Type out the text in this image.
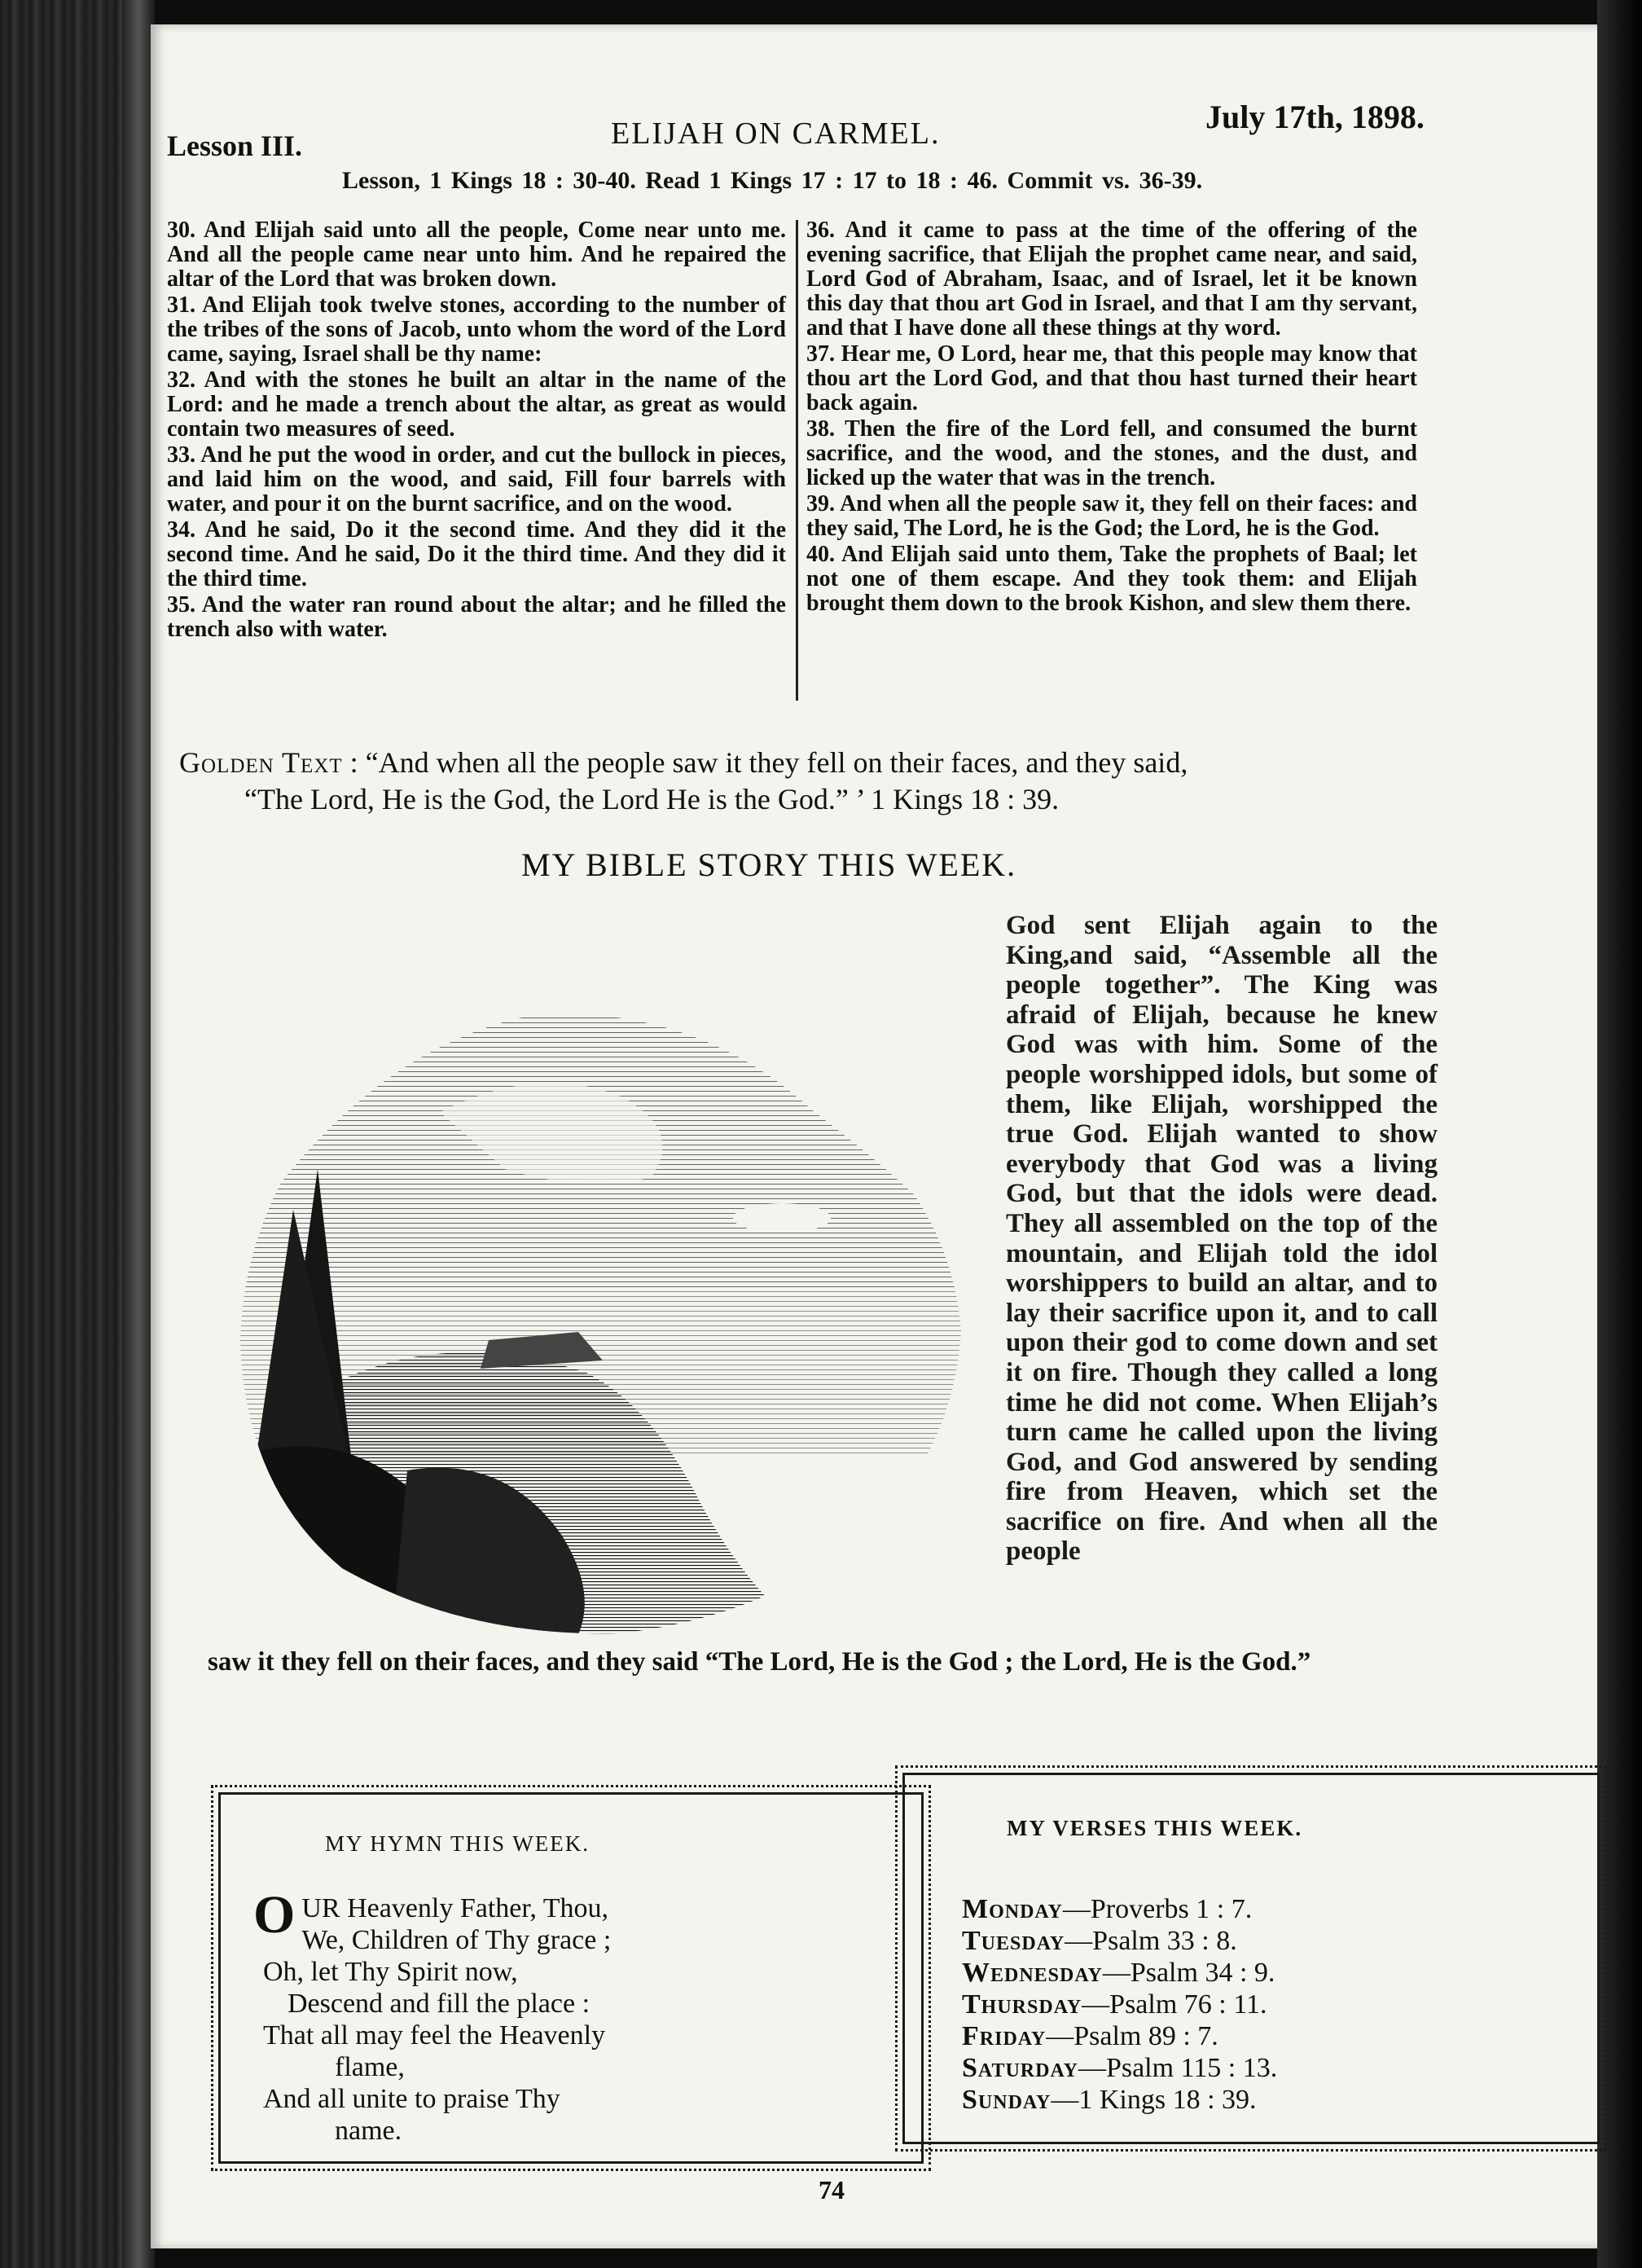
Lesson III.	ELIJAH ON CARMEL.	July 17th, 1898.
Lesson, 1 Kings 18 : 30-40. Read 1 Kings 17 : 17 to 18 : 46. Commit vs. 36-39.

30. And Elijah said unto all the people, Come near unto me. And all the people came near unto him. And he repaired the altar of the Lord that was broken down.

31. And Elijah took twelve stones, according to the number of the tribes of the sons of Jacob, unto whom the word of the Lord came, saying, Israel shall be thy name:

32. And with the stones he built an altar in the name of the Lord: and he made a trench about the altar, as great as would contain two measures of seed.

33. And he put the wood in order, and cut the bullock in pieces, and laid him on the wood, and said, Fill four barrels with water, and pour it on the burnt sacrifice, and on the wood.

34. And he said, Do it the second time. And they did it the second time. And he said, Do it the third time. And they did it the third time.

35. And the water ran round about the altar; and he filled the trench also with water.

36. And it came to pass at the time of the offering of the evening sacrifice, that Elijah the prophet came near, and said, Lord God of Abraham, Isaac, and of Israel, let it be known this day that thou art God in Israel, and that I am thy servant, and that I have done all these things at thy word.

37. Hear me, O Lord, hear me, that this people may know that thou art the Lord God, and that thou hast turned their heart back again.

38. Then the fire of the Lord fell, and consumed the burnt sacrifice, and the wood, and the stones, and the dust, and licked up the water that was in the trench.

39. And when all the people saw it, they fell on their faces: and they said, The Lord, he is the God; the Lord, he is the God.

40. And Elijah said unto them, Take the prophets of Baal; let not one of them escape. And they took them: and Elijah brought them down to the brook Kishon, and slew them there.

Golden Text : “And when all the people saw it they fell on their faces, and they said,
“The Lord, He is the God, the Lord He is the God.” ’ 1 Kings 18 : 39.
MY BIBLE STORY THIS WEEK.
God sent Elijah again to the King,and said, “Assemble all the people together”. The King was afraid of Elijah, because he knew God was with him. Some of the people worshipped idols, but some of them, like Elijah, worshipped the true God. Elijah wanted to show everybody that God was a living God, but that the idols were dead. They all assembled on the top of the mountain, and Elijah told the idol worshippers to build an altar, and to lay their sacrifice upon it, and to call upon their god to come down and set it on fire. Though they called a long time he did not come. When Elijah’s turn came he called upon the living God, and God answered by sending fire from Heaven, which set the sacrifice on fire. And when all the people
saw it they fell on their faces, and they said “The Lord, He is the God ; the Lord, He is the God.”
MY HYMN THIS WEEK.
O UR Heavenly Father, Thou,
We, Children of Thy grace ;
Oh, let Thy Spirit now,
Descend and fill the place :
That all may feel the Heavenly
flame,
And all unite to praise Thy
name.
MY VERSES THIS WEEK.
Monday—Proverbs 1 : 7.
Tuesday—Psalm 33 : 8.
Wednesday—Psalm 34 : 9.
Thursday—Psalm 76 : 11.
Friday—Psalm 89 : 7.
Saturday—Psalm 115 : 13.
Sunday—1 Kings 18 : 39.
74
